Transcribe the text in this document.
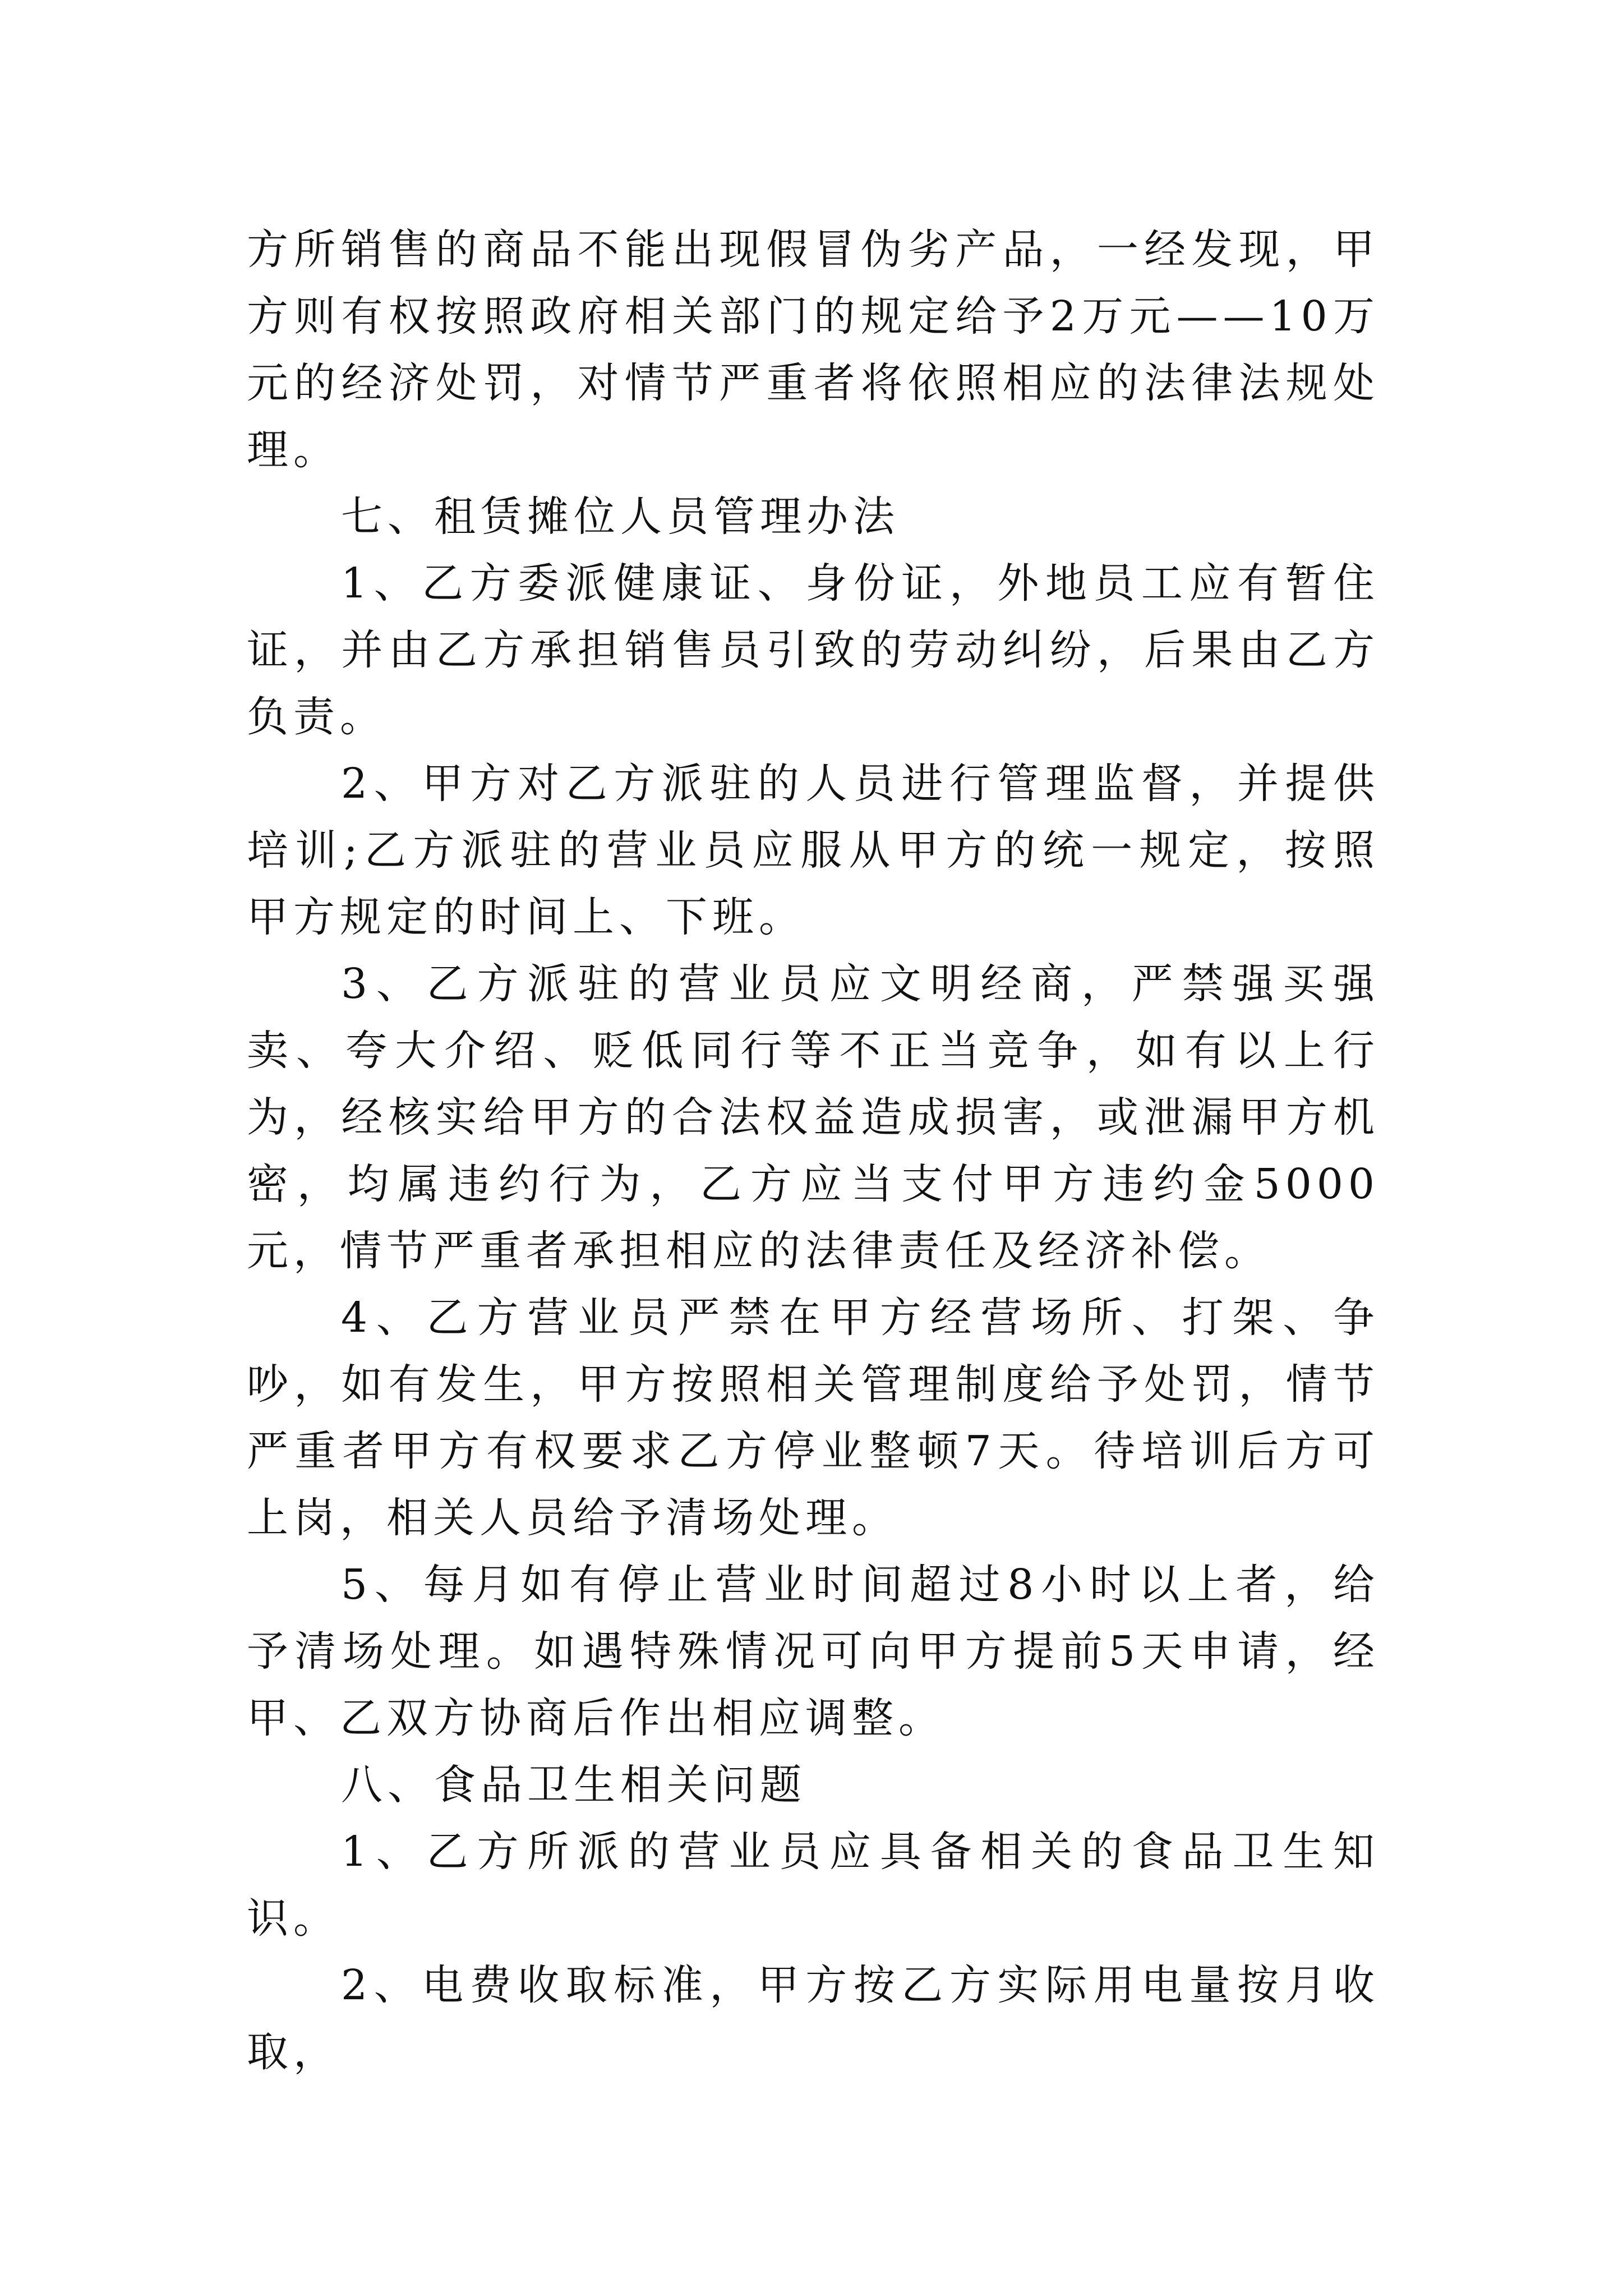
方所销售的商品不能出现假冒伪劣产品，一经发现，甲方则有权按照政府相关部门的规定给予2万元——10万元的经济处罚，对情节严重者将依照相应的法律法规处理。

七、租赁摊位人员管理办法

1、乙方委派健康证、身份证，外地员工应有暂住证，并由乙方承担销售员引致的劳动纠纷，后果由乙方负责。

2、甲方对乙方派驻的人员进行管理监督，并提供培训;乙方派驻的营业员应服从甲方的统一规定，按照甲方规定的时间上、下班。

3、乙方派驻的营业员应文明经商，严禁强买强卖、夸大介绍、贬低同行等不正当竞争，如有以上行为，经核实给甲方的合法权益造成损害，或泄漏甲方机密，均属违约行为，乙方应当支付甲方违约金5000元，情节严重者承担相应的法律责任及经济补偿。

4、乙方营业员严禁在甲方经营场所、打架、争吵，如有发生，甲方按照相关管理制度给予处罚，情节严重者甲方有权要求乙方停业整顿7天。待培训后方可上岗，相关人员给予清场处理。

5、每月如有停止营业时间超过8小时以上者，给予清场处理。如遇特殊情况可向甲方提前5天申请，经甲、乙双方协商后作出相应调整。

八、食品卫生相关问题

1、乙方所派的营业员应具备相关的食品卫生知识。

2、电费收取标准，甲方按乙方实际用电量按月收取，
